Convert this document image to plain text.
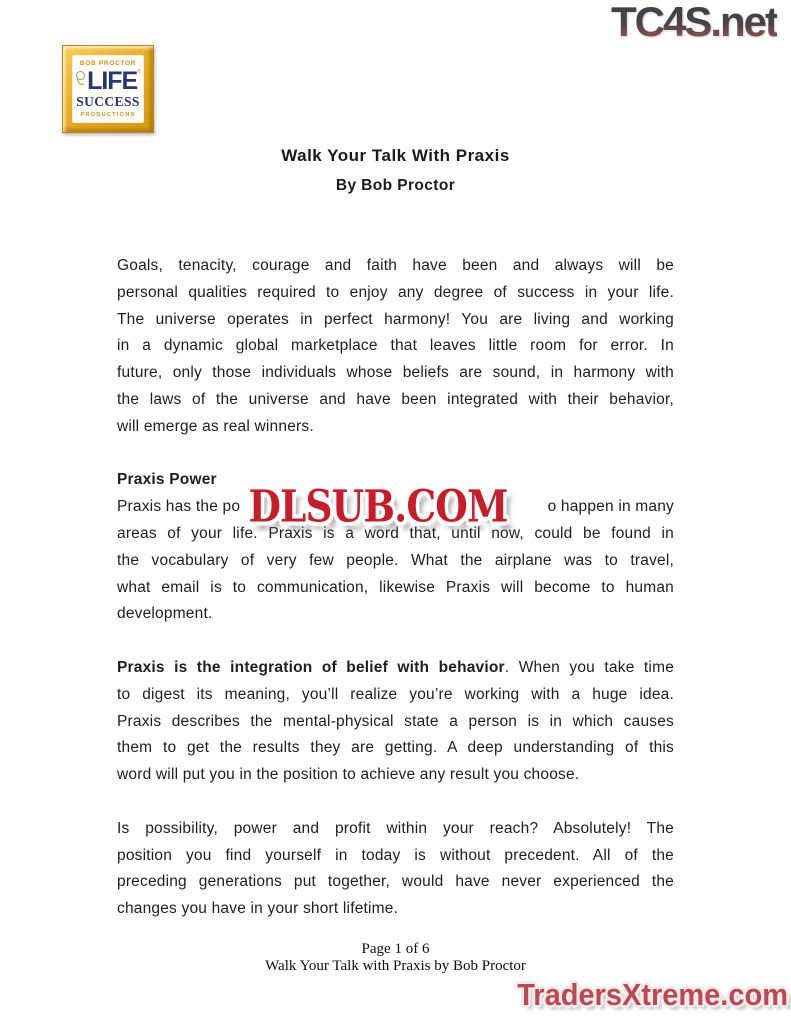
TC4S.net
BOB PROCTOR
LIFE ®
SUCCESS
PRODUCTIONS
Walk Your Talk With Praxis
By Bob Proctor
Goals, tenacity, courage and faith have been and always will be
personal qualities required to enjoy any degree of success in your life.
The universe operates in perfect harmony! You are living and working
in a dynamic global marketplace that leaves little room for error. In
future, only those individuals whose beliefs are sound, in harmony with
the laws of the universe and have been integrated with their behavior,
will emerge as real winners.
Praxis Power
Praxis has the po DLSUB.COM	o happen in many
areas of your life. Praxis is a word that, until now, could be found in
the vocabulary of very few people. What the airplane was to travel,
what email is to communication, likewise Praxis will become to human
development.
Praxis is the integration of belief with behavior. When you take time
to digest its meaning, you’ll realize you’re working with a huge idea.
Praxis describes the mental-physical state a person is in which causes
them to get the results they are getting. A deep understanding of this
word will put you in the position to achieve any result you choose.
Is possibility, power and profit within your reach? Absolutely! The
position you find yourself in today is without precedent. All of the
preceding generations put together, would have never experienced the
changes you have in your short lifetime.
Page 1 of 6
Walk Your Talk with Praxis by Bob Proctor
TradersXtreme.com
